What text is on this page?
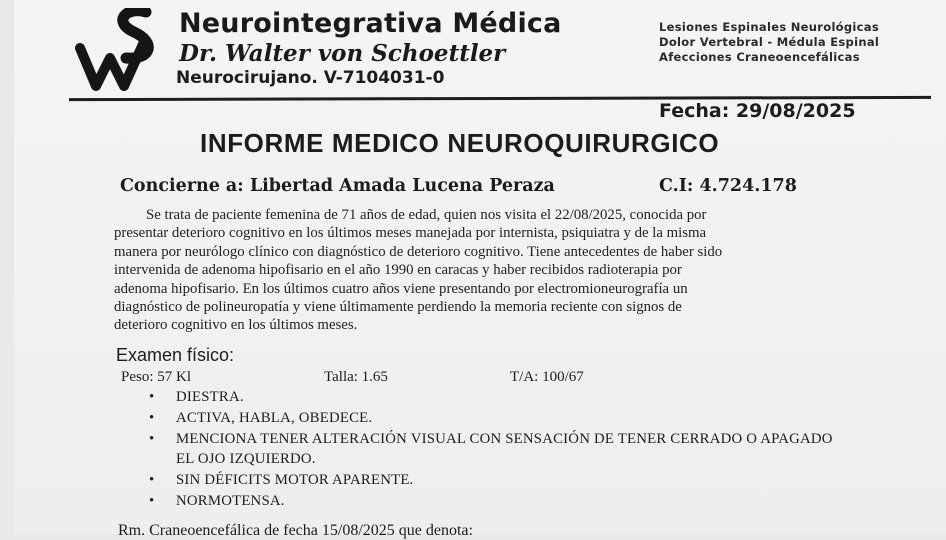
Neurointegrativa Médica
Dr. Walter von Schoettler
Neurocirujano. V-7104031-0
Lesiones Espinales Neurológicas
Dolor Vertebral - Médula Espinal
Afecciones Craneoencefálicas
Fecha: 29/08/2025
INFORME MEDICO NEUROQUIRURGICO
Concierne a: Libertad Amada Lucena Peraza	C.I: 4.724.178
Se trata de paciente femenina de 71 años de edad, quien nos visita el 22/08/2025, conocida por
presentar deterioro cognitivo en los últimos meses manejada por internista, psiquiatra y de la misma
manera por neurólogo clínico con diagnóstico de deterioro cognitivo. Tiene antecedentes de haber sido
intervenida de adenoma hipofisario en el año 1990 en caracas y haber recibidos radioterapia por
adenoma hipofisario. En los últimos cuatro años viene presentando por electromioneurografía un
diagnóstico de polineuropatía y viene últimamente perdiendo la memoria reciente con signos de
deterioro cognitivo en los últimos meses.
Examen físico:
Peso: 57 Kl	Talla: 1.65	T/A: 100/67
• DIESTRA.
• ACTIVA, HABLA, OBEDECE.
• MENCIONA TENER ALTERACIÓN VISUAL CON SENSACIÓN DE TENER CERRADO O APAGADO
EL OJO IZQUIERDO.
• SIN DÉFICITS MOTOR APARENTE.
• NORMOTENSA.
Rm. Craneoencefálica de fecha 15/08/2025 que denota:
